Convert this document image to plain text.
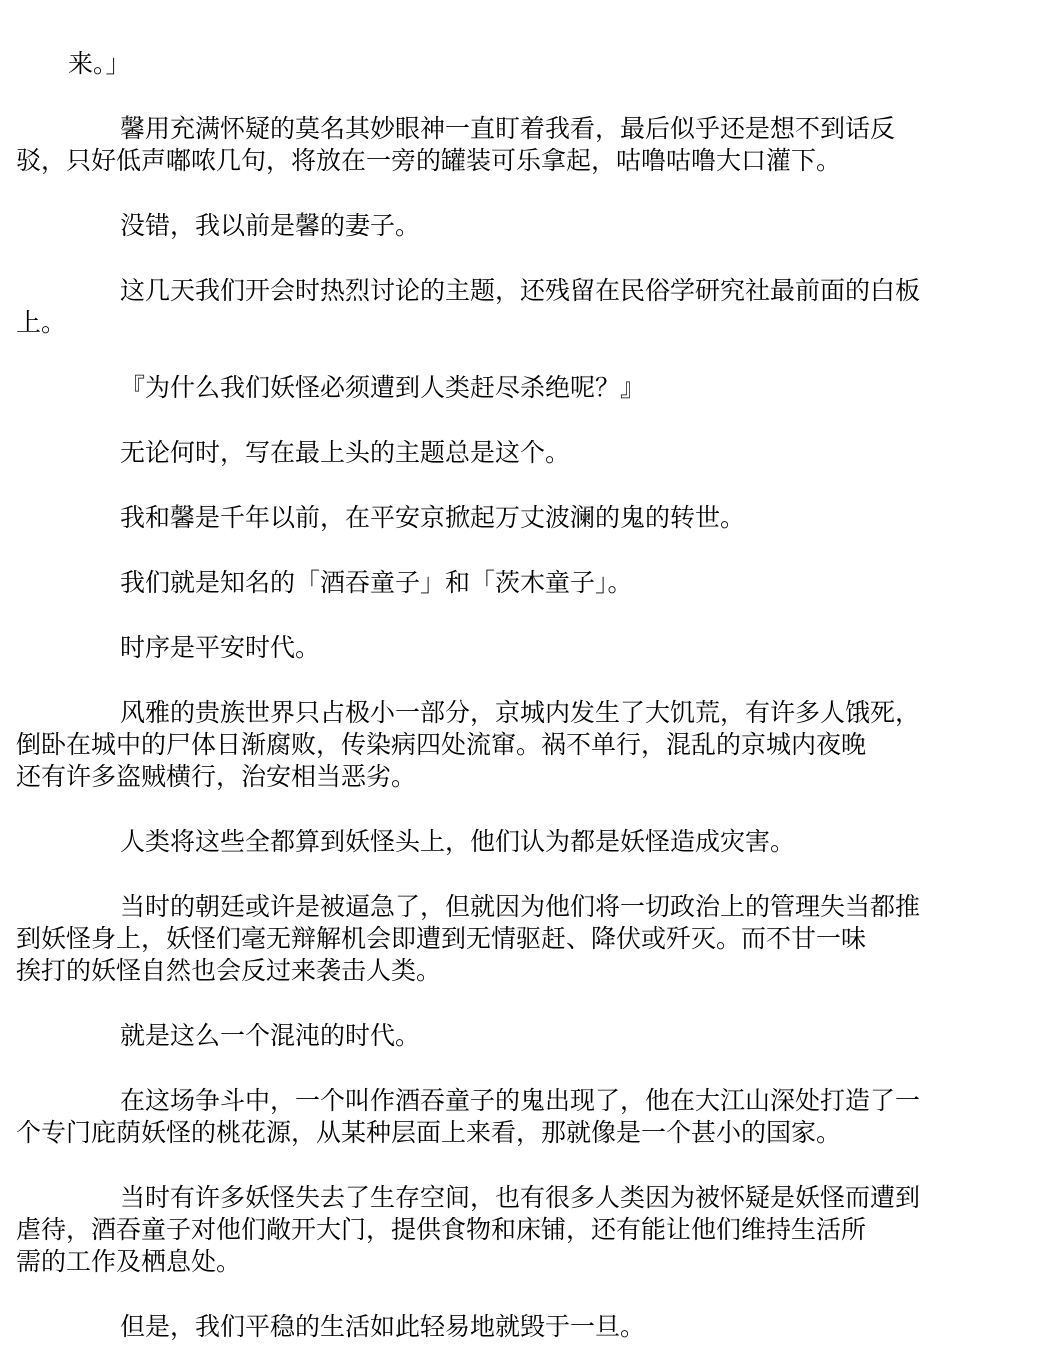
来。」

馨用充满怀疑的莫名其妙眼神一直盯着我看，最后似乎还是想不到话反
驳，只好低声嘟哝几句，将放在一旁的罐装可乐拿起，咕噜咕噜大口灌下。

没错，我以前是馨的妻子。

这几天我们开会时热烈讨论的主题，还残留在民俗学研究社最前面的白板
上。

『为什么我们妖怪必须遭到人类赶尽杀绝呢？』

无论何时，写在最上头的主题总是这个。

我和馨是千年以前，在平安京掀起万丈波澜的鬼的转世。

我们就是知名的「酒吞童子」和「茨木童子」。

时序是平安时代。

风雅的贵族世界只占极小一部分，京城内发生了大饥荒，有许多人饿死，
倒卧在城中的尸体日渐腐败，传染病四处流窜。祸不单行，混乱的京城内夜晚
还有许多盗贼横行，治安相当恶劣。

人类将这些全都算到妖怪头上，他们认为都是妖怪造成灾害。

当时的朝廷或许是被逼急了，但就因为他们将一切政治上的管理失当都推
到妖怪身上，妖怪们毫无辩解机会即遭到无情驱赶、降伏或歼灭。而不甘一味
挨打的妖怪自然也会反过来袭击人类。

就是这么一个混沌的时代。

在这场争斗中，一个叫作酒吞童子的鬼出现了，他在大江山深处打造了一
个专门庇荫妖怪的桃花源，从某种层面上来看，那就像是一个甚小的国家。

当时有许多妖怪失去了生存空间，也有很多人类因为被怀疑是妖怪而遭到
虐待，酒吞童子对他们敞开大门，提供食物和床铺，还有能让他们维持生活所
需的工作及栖息处。

但是，我们平稳的生活如此轻易地就毁于一旦。
